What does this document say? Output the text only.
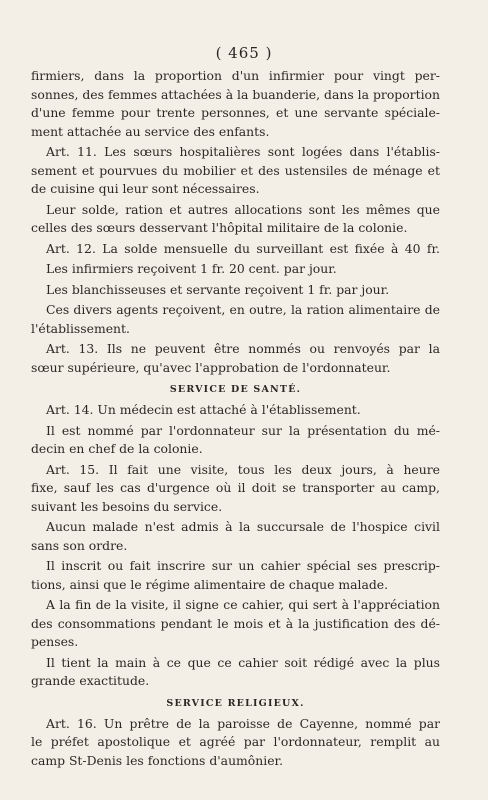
( 465 )
firmiers, dans la proportion d'un infirmier pour vingt per-
sonnes, des femmes attachées à la buanderie, dans la proportion
d'une femme pour trente personnes, et une servante spéciale-
ment attachée au service des enfants.
Art. 11. Les sœurs hospitalières sont logées dans l'établis-
sement et pourvues du mobilier et des ustensiles de ménage et
de cuisine qui leur sont nécessaires.
Leur solde, ration et autres allocations sont les mêmes que
celles des sœurs desservant l'hôpital militaire de la colonie.
Art. 12. La solde mensuelle du surveillant est fixée à 40 fr.
Les infirmiers reçoivent 1 fr. 20 cent. par jour.
Les blanchisseuses et servante reçoivent 1 fr. par jour.
Ces divers agents reçoivent, en outre, la ration alimentaire de
l'établissement.
Art. 13. Ils ne peuvent être nommés ou renvoyés par la
sœur supérieure, qu'avec l'approbation de l'ordonnateur.
SERVICE DE SANTÉ.
Art. 14. Un médecin est attaché à l'établissement.
Il est nommé par l'ordonnateur sur la présentation du mé-
decin en chef de la colonie.
Art. 15. Il fait une visite, tous les deux jours, à heure
fixe, sauf les cas d'urgence où il doit se transporter au camp,
suivant les besoins du service.
Aucun malade n'est admis à la succursale de l'hospice civil
sans son ordre.
Il inscrit ou fait inscrire sur un cahier spécial ses prescrip-
tions, ainsi que le régime alimentaire de chaque malade.
A la fin de la visite, il signe ce cahier, qui sert à l'appréciation
des consommations pendant le mois et à la justification des dé-
penses.
Il tient la main à ce que ce cahier soit rédigé avec la plus
grande exactitude.
SERVICE RELIGIEUX.
Art. 16. Un prêtre de la paroisse de Cayenne, nommé par
le préfet apostolique et agréé par l'ordonnateur, remplit au
camp St-Denis les fonctions d'aumônier.
